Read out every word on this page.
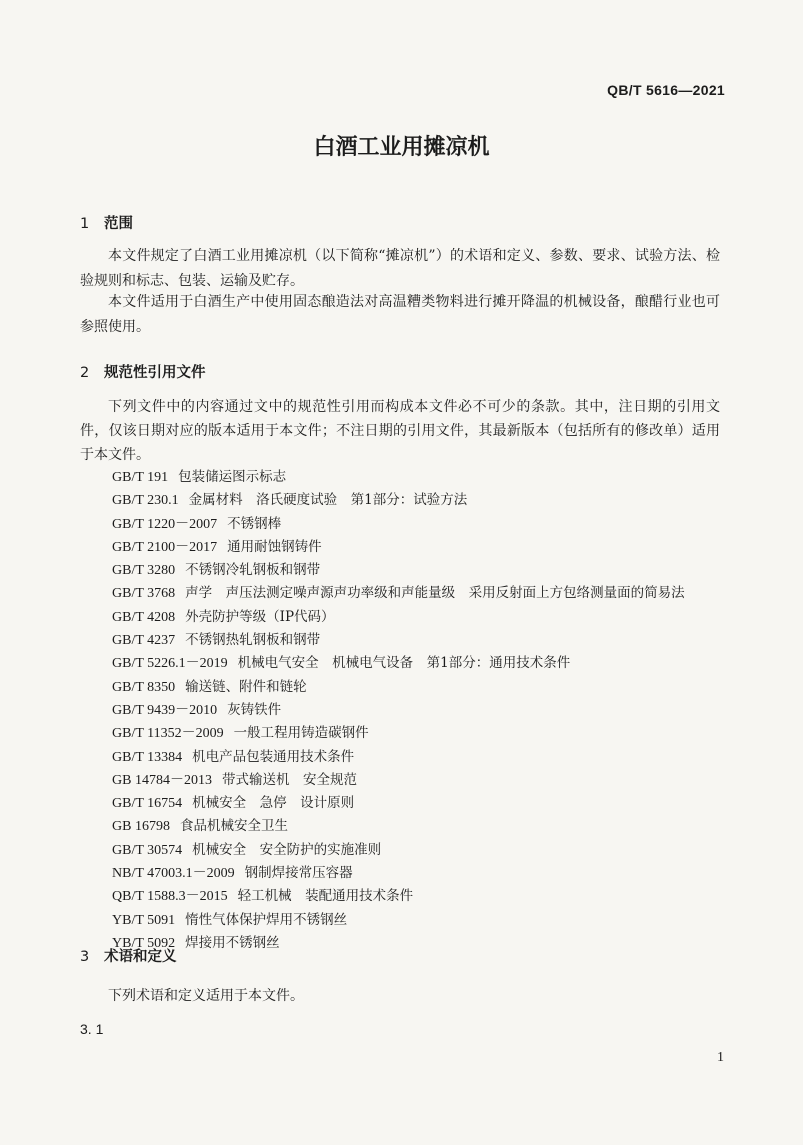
QB/T 5616—2021
白酒工业用摊凉机
1 范围
本文件规定了白酒工业用摊凉机（以下简称“摊凉机”）的术语和定义、参数、要求、试验方法、检验规则和标志、包装、运输及贮存。
本文件适用于白酒生产中使用固态酿造法对高温糟类物料进行摊开降温的机械设备，酿醋行业也可参照使用。
2 规范性引用文件
下列文件中的内容通过文中的规范性引用而构成本文件必不可少的条款。其中，注日期的引用文件，仅该日期对应的版本适用于本文件；不注日期的引用文件，其最新版本（包括所有的修改单）适用于本文件。
GB/T 191 包装储运图示标志
GB/T 230.1 金属材料　洛氏硬度试验　第1部分：试验方法
GB/T 1220－2007 不锈钢棒
GB/T 2100－2017 通用耐蚀钢铸件
GB/T 3280 不锈钢冷轧钢板和钢带
GB/T 3768 声学　声压法测定噪声源声功率级和声能量级　采用反射面上方包络测量面的简易法
GB/T 4208 外壳防护等级（IP代码）
GB/T 4237 不锈钢热轧钢板和钢带
GB/T 5226.1－2019 机械电气安全　机械电气设备　第1部分：通用技术条件
GB/T 8350 输送链、附件和链轮
GB/T 9439－2010 灰铸铁件
GB/T 11352－2009 一般工程用铸造碳钢件
GB/T 13384 机电产品包装通用技术条件
GB 14784－2013 带式输送机　安全规范
GB/T 16754 机械安全　急停　设计原则
GB 16798 食品机械安全卫生
GB/T 30574 机械安全　安全防护的实施准则
NB/T 47003.1－2009 钢制焊接常压容器
QB/T 1588.3－2015 轻工机械　装配通用技术条件
YB/T 5091 惰性气体保护焊用不锈钢丝
YB/T 5092 焊接用不锈钢丝
3 术语和定义
下列术语和定义适用于本文件。
3. 1
1
